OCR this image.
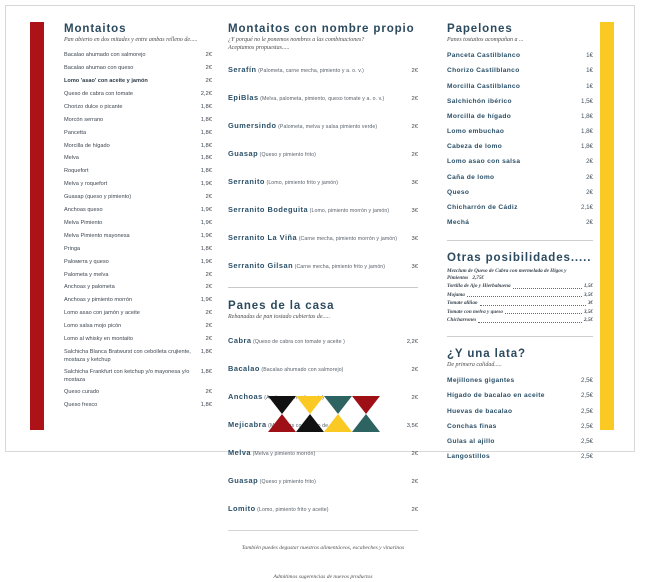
Montaitos
Pan abierto en dos mitades y entre ambas relleno de.....
Bacalao ahumado con salmorejo	2€
Bacalao ahumao con queso	2€
Lomo 'asao' con aceite y jamón	2€
Queso de cabra con tomate	2,2€
Chorizo dulce o picante	1,8€
Morcón serrano	1,8€
Pancetta	1,8€
Morcilla de hígado	1,8€
Melva	1,8€
Roquefort	1,8€
Melva y roquefort	1,9€
Guasap (queso y pimiento)	2€
Anchoas queso	1,9€
Melva Pimiento	1,9€
Melva Pimiento mayonesa	1,9€
Pringa	1,8€
Paloметa y queso	1,9€
Palometa y melva	2€
Anchoas y palometa	2€
Anchoas y pimiento morrón	1,9€
Lomo asao con jamón y aceite	2€
Lomo salsa mojo picón	2€
Lomo al whisky en montaito	2€
Salchicha Blanca Bratwurst con cebolleta crujiente, mostaza y ketchup
1,8€
Salchicha Frankfurt con ketchup y/o mayonesa y/o mostaza
1,8€
Queso curado	2€
Queso fresco	1,8€
Montaitos con nombre propio
¿Y porqué no le ponemos nombres a las combinaciones?
Aceptamos propuestas.....
Serafín (Palometa, carne mecha, pimiento y a. o. v.)	2€
EpiBlas (Melva, palometa, pimiento, queso tomate y a. o. v.)	2€
Gumersindo (Palometa, melva y salsa pimiento verde)	2€
Guasap (Queso y pimiento frito)	2€
Serranito (Lomo, pimiento frito y jamón)	3€
Serranito Bodeguita (Lomo, pimiento morrón y jamón)	3€
Serranito La Viña (Carne mecha, pimiento morrón y jamón)	3€
Serranito Gilsan (Carne mecha, pimiento frito y jamón)	3€
Panes de la casa
Rebanadas de pan tostado cubiertas de.....
Cabra (Queso de cabra con tomate y aceite )	2,2€
Bacalao (Bacalao ahumado con salmorejo)	2€
Anchoas (Anchoas con salmorejo)	2€
Mejicabra (Mejicanas con queso de cabra)	3,5€
Melva (Melva y pimiento morrón)	2€
Guasap (Queso y pimiento frito)	2€
Lomito (Lomo, pimiento frito y aceite)	2€
También puedes degustar nuestros alimentáceos, escabeches y vinarinos
Admitimos sugerencias de nuevos productos
Papelones
Panes tostaitos acompañan a ...
Panceta Castilblanco	1€
Chorizo Castilblanco	1€
Morcilla Castilblanco	1€
Salchichón ibérico	1,5€
Morcilla de hígado	1,8€
Lomo embuchao	1,8€
Cabeza de lomo	1,8€
Lomo asao con salsa	2€
Caña de lomo	2€
Queso	2€
Chicharrón de Cádiz	2,1€
Mechá	2€
Otras posibilidades.....
Mezclum de Queso de Cabra con mermelada de Higos y Pimientos 2,75€
Tortilla de Ajo y Hierbabuena	1,5€
Mojama	3,5€
Tomate aliñao	3€
Tomate con melva y queso	3,5€
Chicharrones	2,5€
¿Y una lata?
De primera calidad.....
Mejillones gigantes	2,5€
Hígado de bacalao en aceite	2,5€
Huevas de bacalao	2,5€
Conchas finas	2,5€
Gulas al ajillo	2,5€
Langostillos	2,5€
